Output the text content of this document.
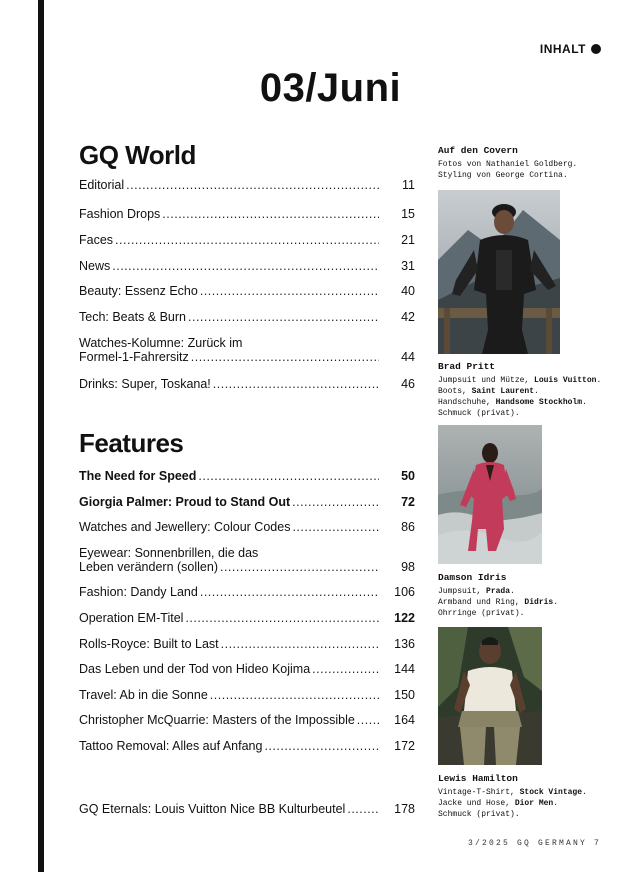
INHALT
03/Juni
GQ World
Editorial .....	11
Fashion Drops .....	15
Faces .....	21
News .....	31
Beauty: Essenz Echo .....	40
Tech: Beats & Burn .....	42
Watches-Kolumne: Zurück im
Formel-1-Fahrersitz .....	44
Drinks: Super, Toskana! .....	46
Features
The Need for Speed .....	50
Giorgia Palmer: Proud to Stand Out .....	72
Watches and Jewellery: Colour Codes .....	86
Eyewear: Sonnenbrillen, die das
Leben verändern (sollen) .....	98
Fashion: Dandy Land .....	106
Operation EM-Titel .....	122
Rolls-Royce: Built to Last .....	136
Das Leben und der Tod von Hideo Kojima .....	144
Travel: Ab in die Sonne .....	150
Christopher McQuarrie: Masters of the Impossible .....	164
Tattoo Removal: Alles auf Anfang .....	172
GQ Eternals: Louis Vuitton Nice BB Kulturbeutel .....	178
Auf den Covern
Fotos von Nathaniel Goldberg.
Styling von George Cortina.
Brad Pritt
Jumpsuit und Mütze, Louis Vuitton.
Boots, Saint Laurent.
Handschuhe, Handsome Stockholm.
Schmuck (privat).
Damson Idris
Jumpsuit, Prada.
Armband und Ring, Didris.
Ohrringe (privat).
Lewis Hamilton
Vintage-T-Shirt, Stock Vintage.
Jacke und Hose, Dior Men.
Schmuck (privat).
3/2025 GQ GERMANY 7
